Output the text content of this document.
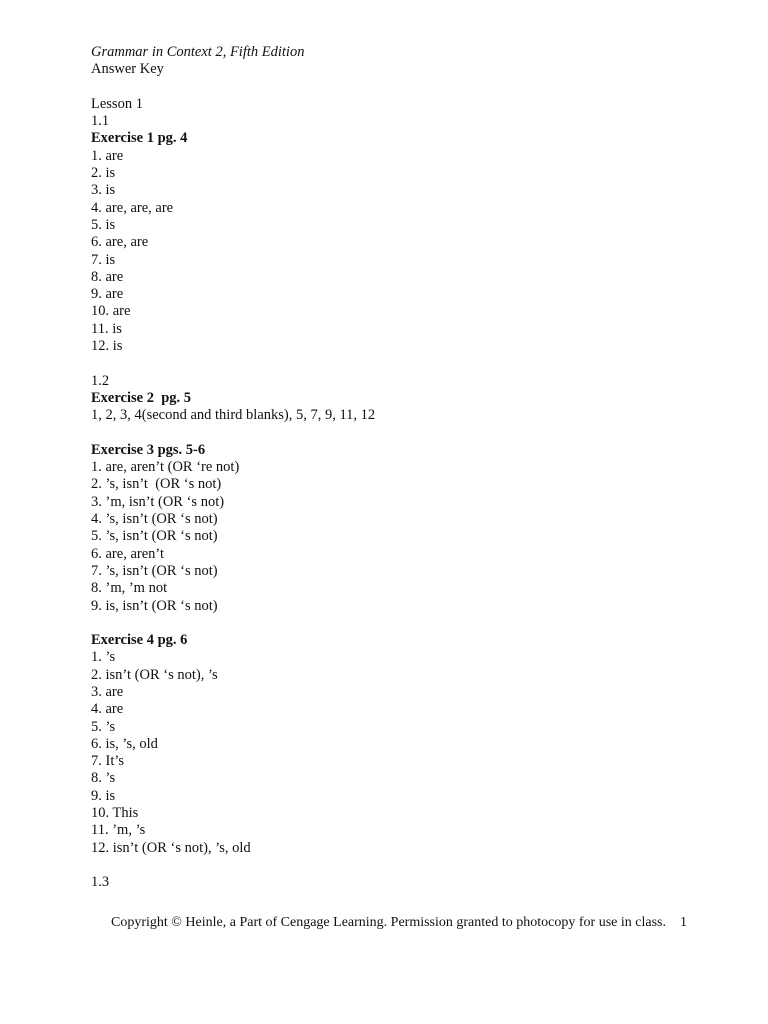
Grammar in Context 2, Fifth Edition
Answer Key
Lesson 1
1.1
Exercise 1 pg. 4
1. are
2. is
3. is
4. are, are, are
5. is
6. are, are
7. is
8. are
9. are
10. are
11. is
12. is
1.2
Exercise 2  pg. 5
1, 2, 3, 4(second and third blanks), 5, 7, 9, 11, 12
Exercise 3 pgs. 5-6
1. are, aren’t (OR ‘re not)
2. ’s, isn’t  (OR ‘s not)
3. ’m, isn’t (OR ‘s not)
4. ’s, isn’t (OR ‘s not)
5. ’s, isn’t (OR ‘s not)
6. are, aren’t
7. ’s, isn’t (OR ‘s not)
8. ’m, ’m not
9. is, isn’t (OR ‘s not)
Exercise 4 pg. 6
1. ’s
2. isn’t (OR ‘s not), ’s
3. are
4. are
5. ’s
6. is, ’s, old
7. It’s
8. ’s
9. is
10. This
11. ’m, ’s
12. isn’t (OR ‘s not), ’s, old
1.3
Copyright © Heinle, a Part of Cengage Learning. Permission granted to photocopy for use in class.    1
